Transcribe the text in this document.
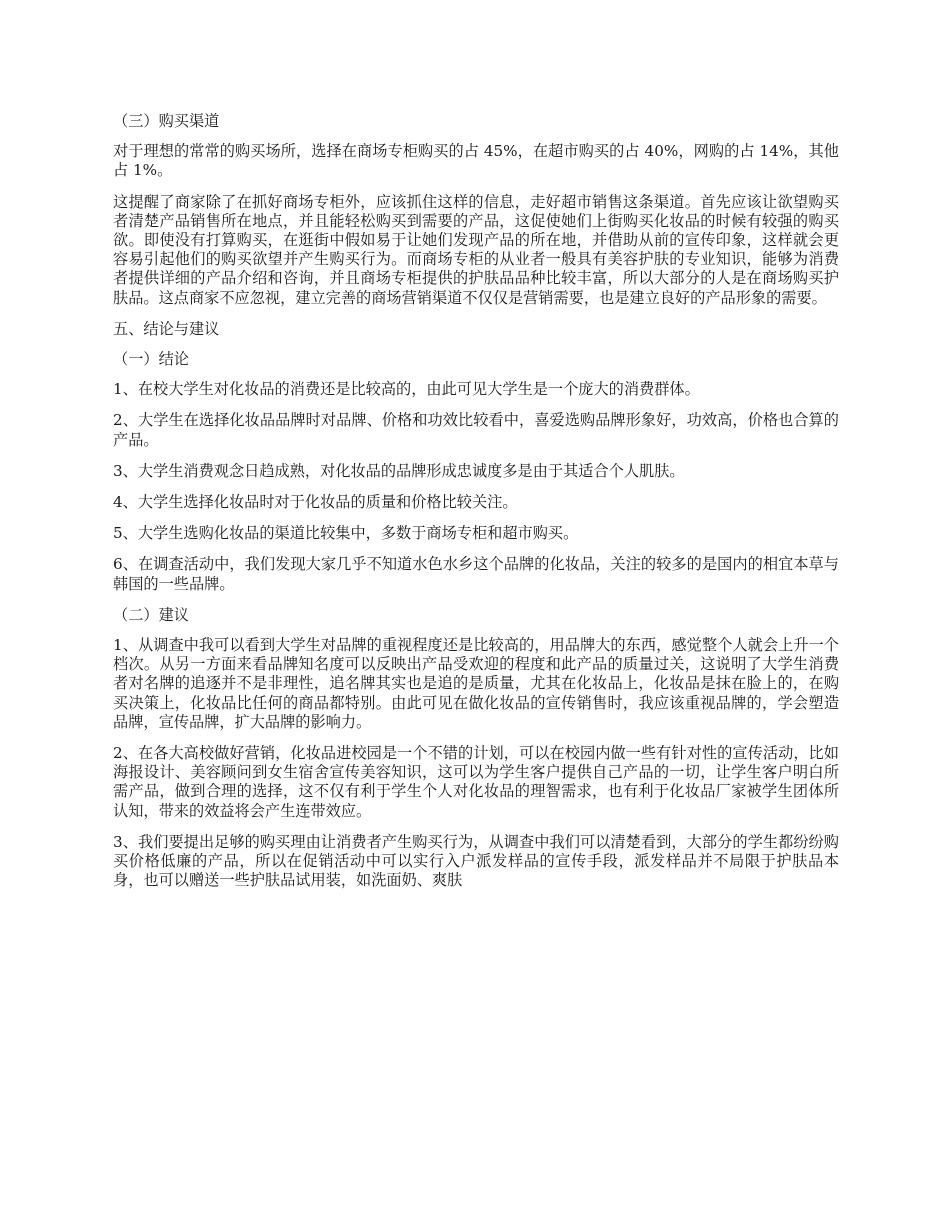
（三）购买渠道

对于理想的常常的购买场所，选择在商场专柜购买的占 45%，在超市购买的占 40%，网购的占 14%，其他占 1%。

这提醒了商家除了在抓好商场专柜外，应该抓住这样的信息，走好超市销售这条渠道。首先应该让欲望购买者清楚产品销售所在地点，并且能轻松购买到需要的产品，这促使她们上街购买化妆品的时候有较强的购买欲。即使没有打算购买，在逛街中假如易于让她们发现产品的所在地，并借助从前的宣传印象，这样就会更容易引起他们的购买欲望并产生购买行为。而商场专柜的从业者一般具有美容护肤的专业知识，能够为消费者提供详细的产品介绍和咨询，并且商场专柜提供的护肤品品种比较丰富，所以大部分的人是在商场购买护肤品。这点商家不应忽视，建立完善的商场营销渠道不仅仅是营销需要，也是建立良好的产品形象的需要。

五、结论与建议

（一）结论

1、在校大学生对化妆品的消费还是比较高的，由此可见大学生是一个庞大的消费群体。

2、大学生在选择化妆品品牌时对品牌、价格和功效比较看中，喜爱选购品牌形象好，功效高，价格也合算的产品。

3、大学生消费观念日趋成熟，对化妆品的品牌形成忠诚度多是由于其适合个人肌肤。

4、大学生选择化妆品时对于化妆品的质量和价格比较关注。

5、大学生选购化妆品的渠道比较集中，多数于商场专柜和超市购买。

6、在调查活动中，我们发现大家几乎不知道水色水乡这个品牌的化妆品，关注的较多的是国内的相宜本草与韩国的一些品牌。

（二）建议

1、从调查中我可以看到大学生对品牌的重视程度还是比较高的，用品牌大的东西，感觉整个人就会上升一个档次。从另一方面来看品牌知名度可以反映出产品受欢迎的程度和此产品的质量过关，这说明了大学生消费者对名牌的追逐并不是非理性，追名牌其实也是追的是质量，尤其在化妆品上，化妆品是抹在脸上的，在购买决策上，化妆品比任何的商品都特别。由此可见在做化妆品的宣传销售时，我应该重视品牌的，学会塑造品牌，宣传品牌，扩大品牌的影响力。

2、在各大高校做好营销，化妆品进校园是一个不错的计划，可以在校园内做一些有针对性的宣传活动，比如海报设计、美容顾问到女生宿舍宣传美容知识，这可以为学生客户提供自己产品的一切，让学生客户明白所需产品，做到合理的选择，这不仅有利于学生个人对化妆品的理智需求，也有利于化妆品厂家被学生团体所认知，带来的效益将会产生连带效应。

3、我们要提出足够的购买理由让消费者产生购买行为，从调查中我们可以清楚看到，大部分的学生都纷纷购买价格低廉的产品，所以在促销活动中可以实行入户派发样品的宣传手段，派发样品并不局限于护肤品本身，也可以赠送一些护肤品试用装，如洗面奶、爽肤
